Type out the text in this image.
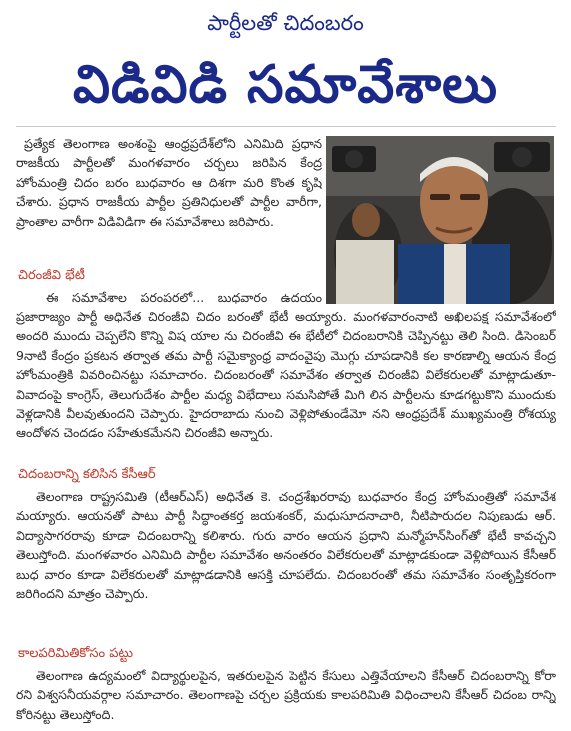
పార్టీలతో చిదంబరం
విడివిడి సమావేశాలు
ప్రత్యేక తెలంగాణ అంశంపై ఆంధ్రప్రదేశ్‌లోని ఎనిమిది ప్రధాన రాజకీయ పార్టీలతో మంగళవారం చర్చలు జరిపిన కేంద్ర హోంమంత్రి చిదం బరం బుధవారం ఆ దిశగా మరి కొంత కృషి చేశారు. ప్రధాన రాజకీయ పార్టీల ప్రతినిధులతో పార్టీల వారీగా, ప్రాంతాల వారీగా విడివిడిగా ఈ సమావేశాలు జరిపారు.
చిరంజీవి భేటీ
ఈ సమావేశాల పరంపరలో... బుధవారం ఉదయం
ప్రజారాజ్యం పార్టీ అధినేత చిరంజీవి చిదం బరంతో భేటీ అయ్యారు. మంగళవారంనాటి అఖిలపక్ష సమావేశంలో అందరి ముందు చెప్పలేని కొన్ని విష యాల ను చిరంజీవి ఈ భేటీలో చిదంబరానికి చెప్పినట్టు తెలి సింది. డిసెంబర్ 9నాటి కేంద్రం ప్రకటన తర్వాత తమ పార్టీ సమైక్యాంధ్ర వాదంవైపు మొగ్గు చూపడానికి కల కారణాల్ని ఆయన కేంద్ర హోంమంత్రికి వివరించినట్టు సమాచారం. చిదంబరంతో సమావేశం తర్వాత చిరంజీవి విలేకరులతో మాట్లాడుతూ- వివాదంపై కాంగ్రెస్, తెలుగుదేశం పార్టీల మధ్య విభేదాలు సమసిపోతే మిగి లిన పార్టీలను కూడగట్టుకొని ముందుకు వెళ్లడానికి వీలవుతుందని చెప్పారు. హైదరాబాదు నుంచి వెళ్లిపోతుండేమో నని ఆంధ్రప్రదేశ్ ముఖ్యమంత్రి రోశయ్య ఆందోళన చెందడం సహేతుకమేనని చిరంజీవి అన్నారు.
చిదంబరాన్ని కలిసిన కేసీఆర్
తెలంగాణ రాష్ట్రసమితి (టీఆర్ఎస్) అధినేత కె. చంద్రశేఖరరావు బుధవారం కేంద్ర హోంమంత్రితో సమావేశ మయ్యారు. ఆయనతో పాటు పార్టీ సిద్ధాంతకర్త జయశంకర్, మధుసూదనాచారి, నీటిపారుదల నిపుణుడు ఆర్. విద్యాసాగరరావు కూడా చిదంబరాన్ని కలిశారు. గురు వారం ఆయన ప్రధాని మన్మోహన్‌సింగ్‌తో భేటీ కావచ్చని తెలుస్తోంది. మంగళవారం ఎనిమిది పార్టీల సమావేశం అనంతరం విలేకరులతో మాట్లాడకుండా వెళ్లిపోయిన కేసీఆర్ బుధ వారం కూడా విలేకరులతో మాట్లాడడానికి ఆసక్తి చూపలేదు. చిదంబరంతో తమ సమావేశం సంతృప్తికరంగా జరిగిందని మాత్రం చెప్పారు.
కాలపరిమితికోసం పట్టు
తెలంగాణ ఉద్యమంలో విద్యార్థులపైన, ఇతరులపైన పెట్టిన కేసులు ఎత్తివేయాలని కేసీఆర్ చిదంబరాన్ని కోరా రని విశ్వసనీయవర్గాల సమాచారం. తెలంగాణపై చర్చల ప్రక్రియకు కాలపరిమితి విధించాలని కేసీఆర్ చిదంబ రాన్ని కోరినట్టు తెలుస్తోంది.
